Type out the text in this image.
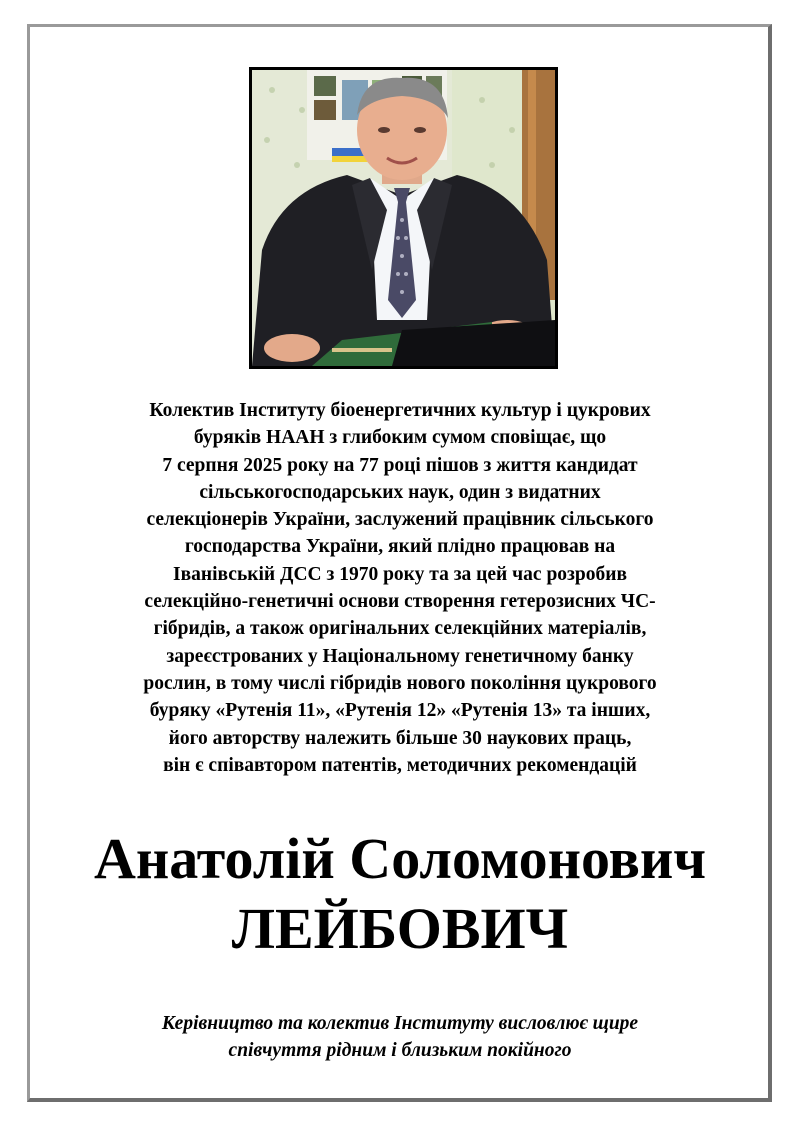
Колектив Інституту біоенергетичних культур і цукрових
буряків НААН з глибоким сумом сповіщає, що
7 серпня 2025 року на 77 році пішов з життя кандидат
сільськогосподарських наук, один з видатних
селекціонерів України, заслужений працівник сільського
господарства України, який плідно працював на
Іванівській ДСС з 1970 року та за цей час розробив
селекційно-генетичні основи створення гетерозисних ЧС-
гібридів, а також оригінальних селекційних матеріалів,
зареєстрованих у Національному генетичному банку
рослин, в тому числі гібридів нового покоління цукрового
буряку «Рутенія 11», «Рутенія 12» «Рутенія 13» та інших,
його авторству належить більше 30 наукових праць,
він є співавтором патентів, методичних рекомендацій

Анатолій Соломонович
ЛЕЙБОВИЧ

Керівництво та колектив Інституту висловлює щире
співчуття рідним і близьким покійного
